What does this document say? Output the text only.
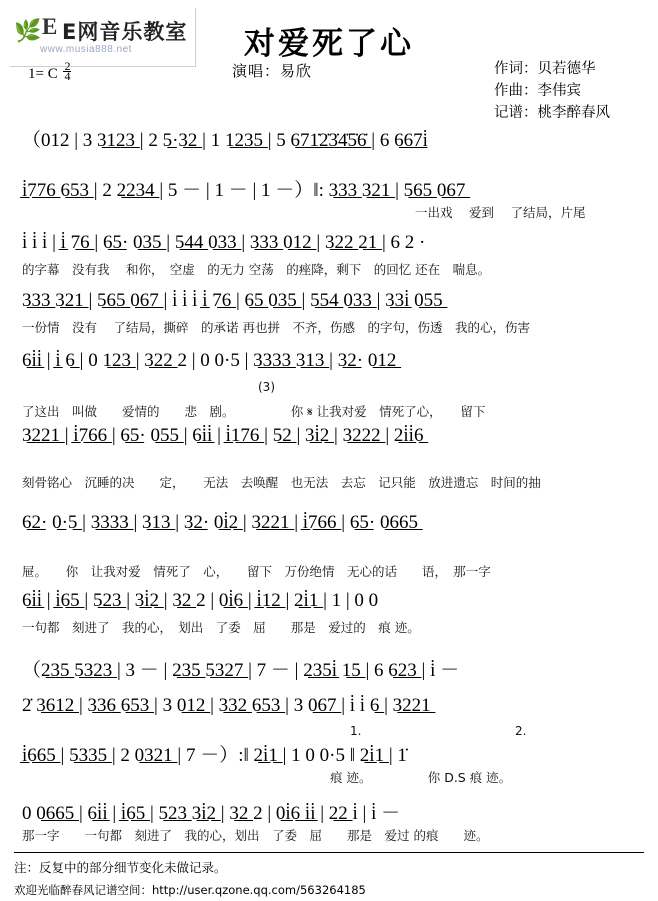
🌿 E E网音乐教室
www.musia888.net	对爱死了心
演唱：易欣	作词：贝若德华
作曲：李伟宾
记谱：桃李醉春风
1= C $\frac{2}{4}$
（012 | 3 3̲1̲2̲3̲ | 2 5̲·3̲2̲ | 1 1̲2̲3̲5̲ | 5 6̲7̲1̲̇2̲̇3̲̇4̲̇5̲̇6̲̇ | 6 6̲6̲7̲i̇
i̲̇7̲7̲6̲ 6̲5̲3̲ | 2 2̲2̲3̲4̲ | 5 － | 1 － | 1 －）‖: 3̲3̲3̲ 3̲2̲1̲ | 5̲6̲5̲ 0̲6̲7̲
一出戏　 爱到 　了结局，片尾
i̇ i̇ i̇ | i̲̇ 7̲6̲ | 6̲5̲· 0̲3̲5̲ | 5̲4̲4̲ 0̲3̲3̲ | 3̲3̲3̲ 0̲1̲2̲ | 3̲2̲2̲ 2̲1̲ | 6 2 ·
的字幕　没有我 　和你，　空虚　的无力 空荡　的痤降，剩下　的回忆 还在　喘息。
3̲3̲3̲ 3̲2̲1̲ | 5̲6̲5̲ 0̲6̲7̲ | i̇ i̇ i̇ i̲̇ 7̲6̲ | 6̲5̲ 0̲3̲5̲ | 5̲5̲4̲ 0̲3̲3̲ | 3̲3̲i̲̇ 0̲5̲5̲
一份情　没有 　了结局，撕碎　的承诺 再也拼　不齐，伤感　的字句，伤透　我的心，伤害
6̲i̲̇i̲̇ | i̲̇ 6̲ | 0 1̲2̲3̲ | 3̲2̲2̲ 2 | 0 0·5 | 3̲3̲3̲3̲ 3̲1̲3̲ | 3̲2̲· 0̲1̲2̲
(3)
了这出　叫做　　爱情的　　悲　剧。　　　　　你 𝄋 让我对爱　情死了心，　　留下
3̲2̲2̲1̲ | i̲̇7̲6̲6̲ | 6̲5̲· 0̲5̲5̲ | 6̲i̲̇i̲̇ | i̲̇1̲7̲6̲ | 5̲2̲ | 3̲i̲̇2̲ | 3̲2̲2̲2̲ | 2̲i̲̇i̲̇6̲
刻骨铭心　沉睡的决　　定，　　无法　去唤醒　也无法　去忘　记只能　放进遗忘　时间的抽
6̲2̲· 0̲·5̲ | 3̲3̲3̲3̲ | 3̲1̲3̲ | 3̲2̲· 0̲i̲̇2̲ | 3̲2̲2̲1̲ | i̲̇7̲6̲6̲ | 6̲5̲· 0̲6̲6̲5̲
屉。　　你　让我对爱　情死了　心，　　留下　万份绝情　无心的话　　语，　那一字
6̲i̲̇i̲̇ | i̲̇6̲5̲ | 5̲2̲3̲ | 3̲i̲̇2̲ | 3̲2̲ 2 | 0̲i̲̇6̲ | i̲̇1̲2̲ | 2̲i̲̇1̲ | 1 | 0 0
一句都　刻进了　我的心，　划出　了委　屈　　那是　爱过的　痕 迹。
（2̲3̲5̲ 5̲3̲2̲3̲ | 3 － | 2̲3̲5̲ 5̲3̲2̲7̲ | 7 － | 2̲3̲5̲i̲̇ 1̲5̲ | 6 6̲2̲3̲ | i̇ －
2̇ 3̲6̲1̲2̲ | 3̲3̲6̲ 6̲5̲3̲ | 3 0̲1̲2̲ | 3̲3̲2̲ 6̲5̲3̲ | 3 0̲6̲7̲ | i̇ i̇ 6̲ | 3̲2̲2̲1̲
i̲̇6̲6̲5̲ | 5̲3̲3̲5̲ | 2 0̲3̲2̲1̲ | 7 －）:‖ 2̲i̲̇1̲ | 1 0 0·5 ‖ 2̲i̲̇1̲ | 1̇
1.	2.
痕 迹。　　　　　你 D.S 痕 迹。
0 0̲6̲6̲5̲ | 6̲i̲̇i̲̇ | i̲̇6̲5̲ | 5̲2̲3̲ 3̲i̲̇2̲ | 3̲2̲ 2 | 0̲i̲̇6̲ i̲̇i̲̇ | 2̲2̲ i̇ | i̇ －
那一字　　一句都　刻进了　我的心，划出　了委　屈　　那是　爱过 的痕　　迹。
注：反复中的部分细节变化未做记录。
欢迎光临醉春风记谱空间：http://user.qzone.qq.com/563264185
